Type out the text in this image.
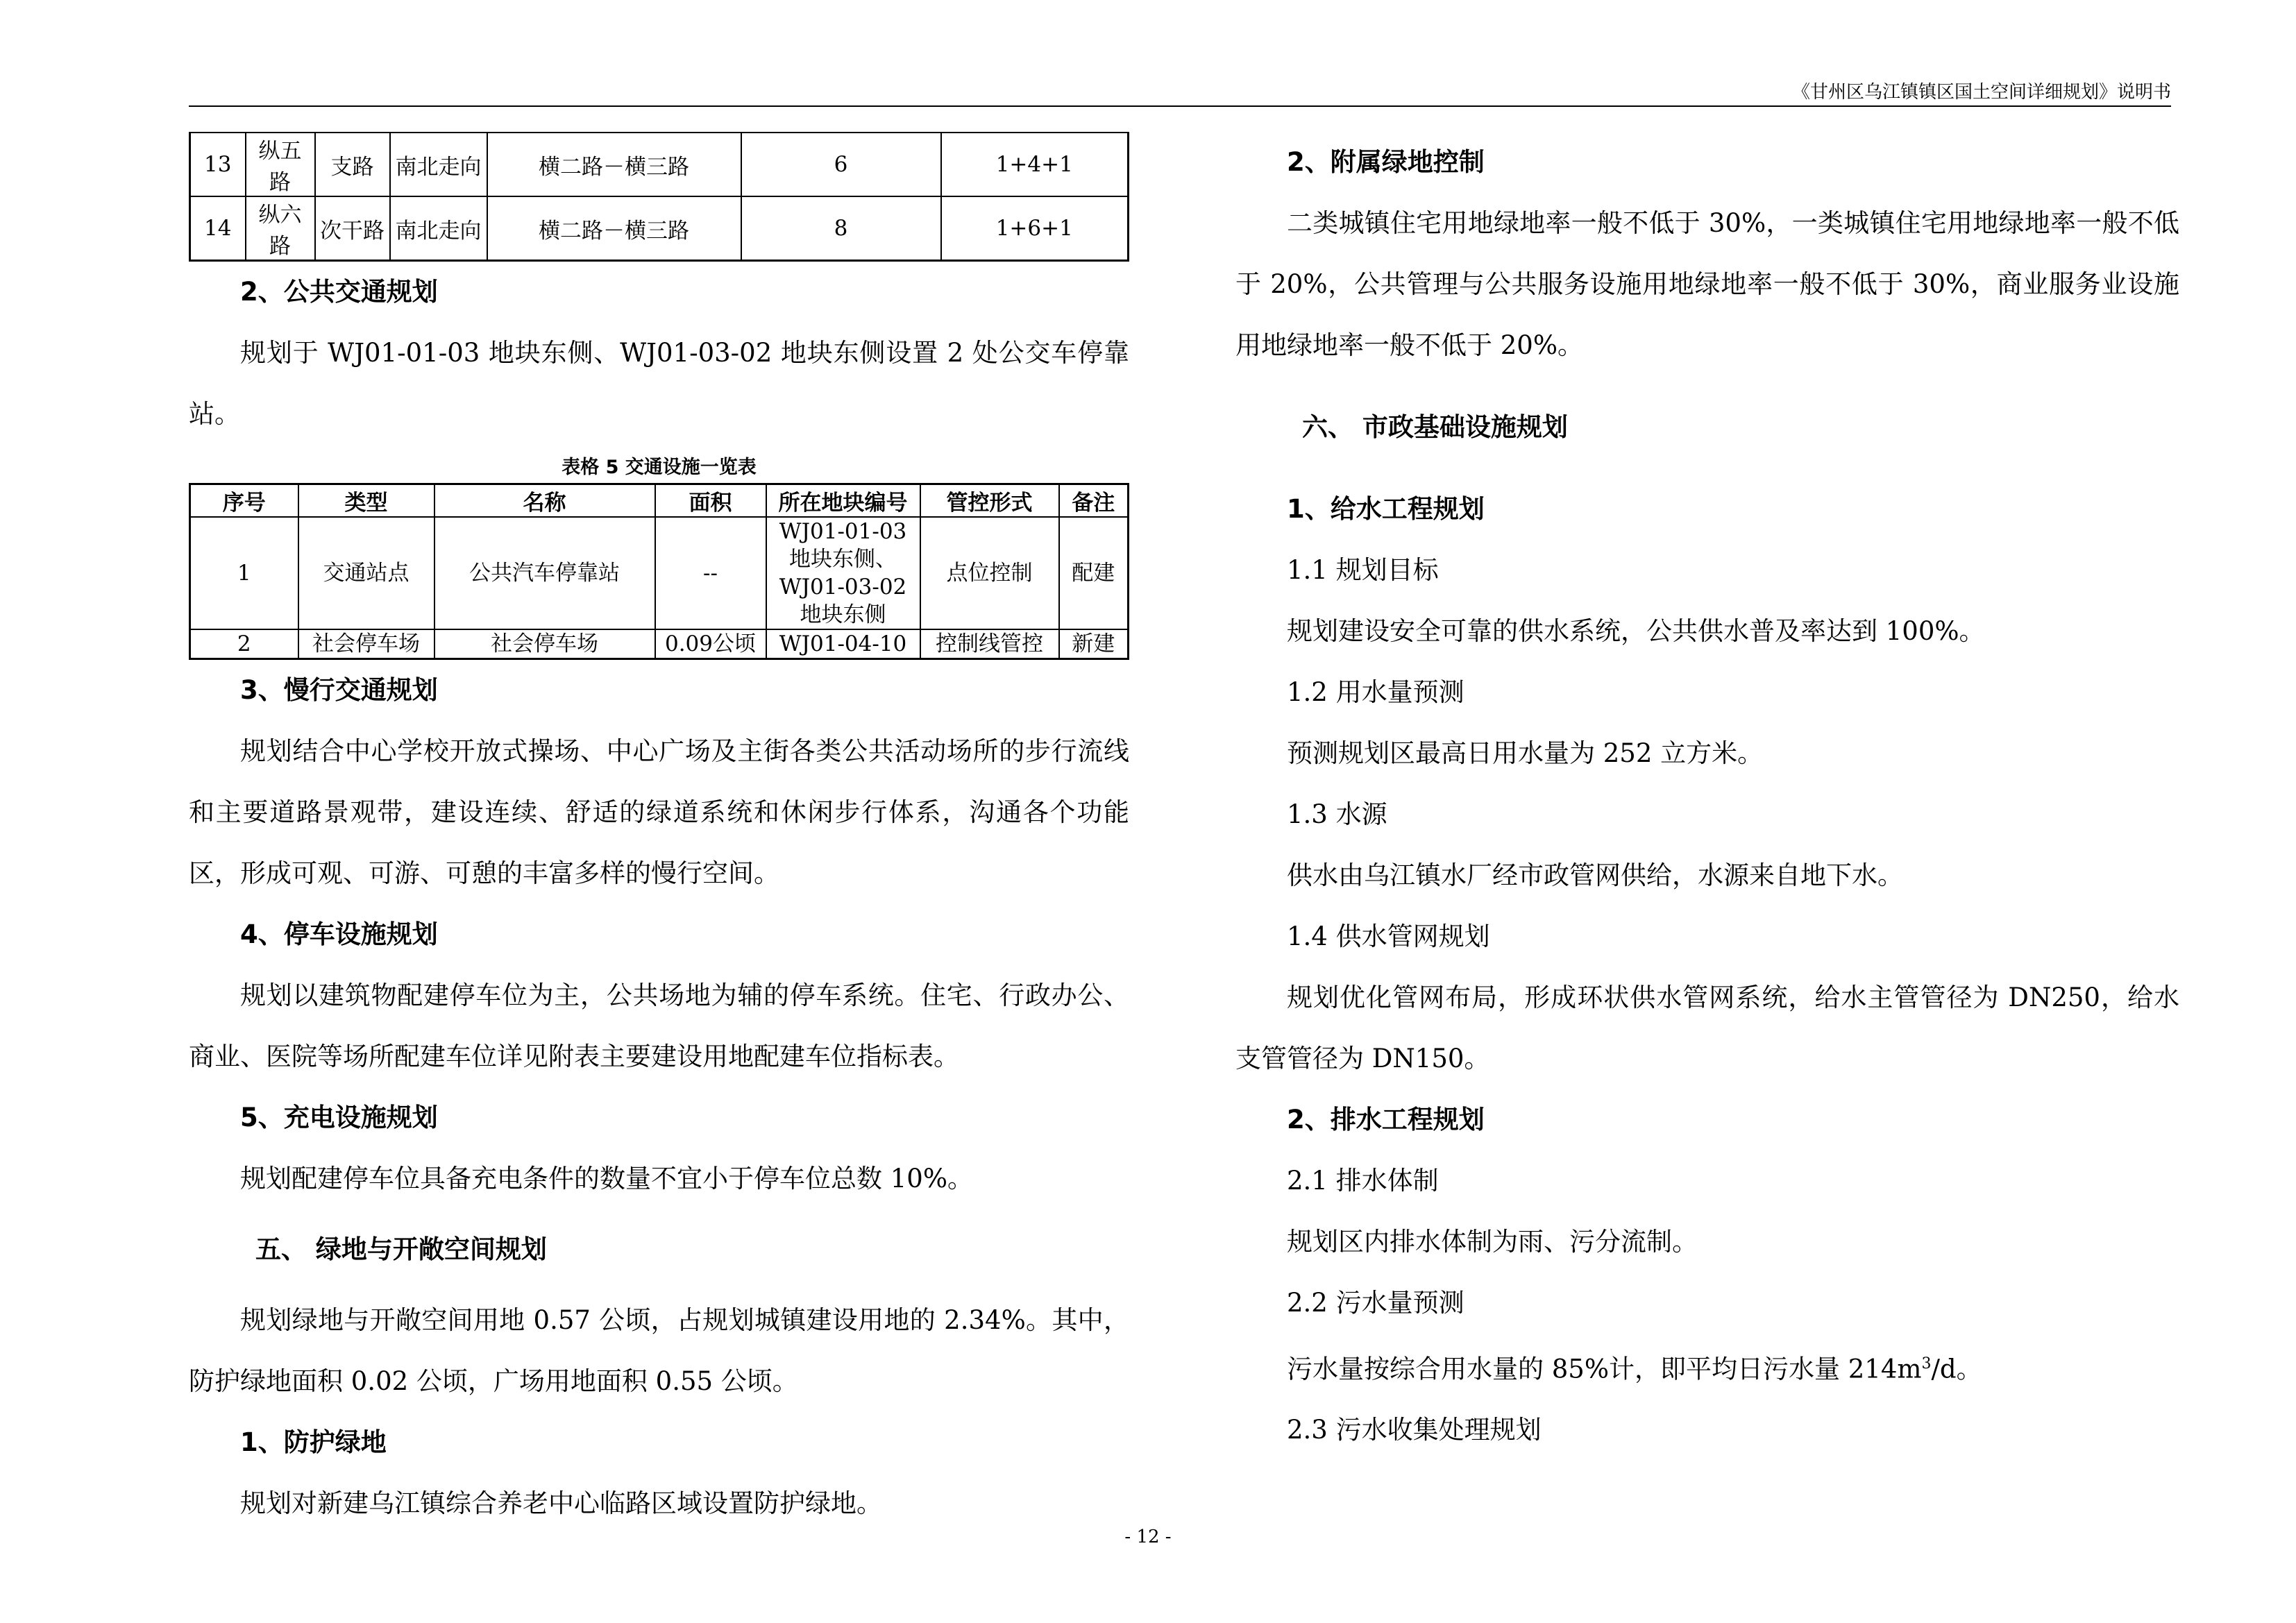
《甘州区乌江镇镇区国土空间详细规划》说明书
13	纵五路	支路	南北走向	横二路－横三路	6	1+4+1
14	纵六路	次干路	南北走向	横二路－横三路	8	1+6+1

2、公共交通规划

规划于 WJ01-01-03 地块东侧、WJ01-03-02 地块东侧设置 2 处公交车停靠站。

表格 5 交通设施一览表
序号	类型	名称	面积	所在地块编号	管控形式	备注
1	交通站点	公共汽车停靠站	--	WJ01-01-03地块东侧、WJ01-03-02地块东侧	点位控制	配建
2	社会停车场	社会停车场	0.09公顷	WJ01-04-10	控制线管控	新建

3、慢行交通规划

规划结合中心学校开放式操场、中心广场及主街各类公共活动场所的步行流线和主要道路景观带，建设连续、舒适的绿道系统和休闲步行体系，沟通各个功能区，形成可观、可游、可憩的丰富多样的慢行空间。

4、停车设施规划

规划以建筑物配建停车位为主，公共场地为辅的停车系统。住宅、行政办公、商业、医院等场所配建车位详见附表主要建设用地配建车位指标表。

5、充电设施规划

规划配建停车位具备充电条件的数量不宜小于停车位总数 10%。

五、 绿地与开敞空间规划

规划绿地与开敞空间用地 0.57 公顷，占规划城镇建设用地的 2.34%。其中，防护绿地面积 0.02 公顷，广场用地面积 0.55 公顷。

1、防护绿地

规划对新建乌江镇综合养老中心临路区域设置防护绿地。

2、附属绿地控制

二类城镇住宅用地绿地率一般不低于 30%，一类城镇住宅用地绿地率一般不低于 20%，公共管理与公共服务设施用地绿地率一般不低于 30%，商业服务业设施用地绿地率一般不低于 20%。

六、 市政基础设施规划

1、给水工程规划

1.1 规划目标

规划建设安全可靠的供水系统，公共供水普及率达到 100%。

1.2 用水量预测

预测规划区最高日用水量为 252 立方米。

1.3 水源

供水由乌江镇水厂经市政管网供给，水源来自地下水。

1.4 供水管网规划

规划优化管网布局，形成环状供水管网系统，给水主管管径为 DN250，给水支管管径为 DN150。

2、排水工程规划

2.1 排水体制

规划区内排水体制为雨、污分流制。

2.2 污水量预测

污水量按综合用水量的 85%计，即平均日污水量 $214m^3/d$。

2.3 污水收集处理规划

- 12 -
